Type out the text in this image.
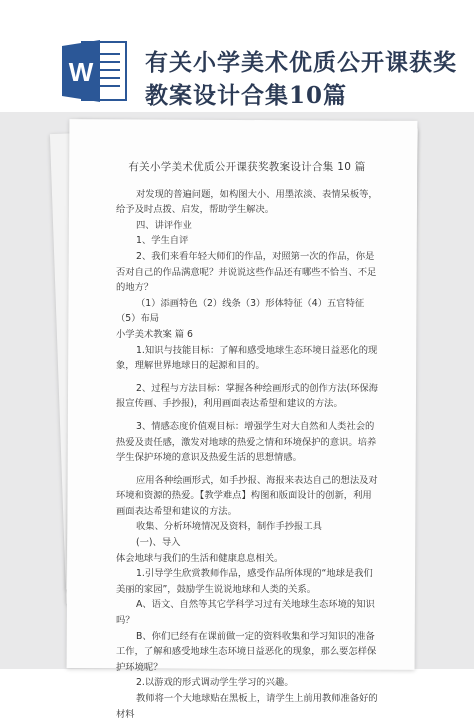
W 有关小学美术优质公开课获奖
教案设计合集10篇
有关小学美术优质公开课获奖教案设计合集 10 篇

对发现的普遍问题，如构图大小、用墨浓淡、表情呆板等，给予及时点拨、启发，帮助学生解决。

四、讲评作业

1、学生自评

2、我们来看年轻大师们的作品，对照第一次的作品，你是否对自己的作品满意呢？并说说这些作品还有哪些不恰当、不足的地方？

（1）添画特色（2）线条（3）形体特征（4）五官特征（5）布局

小学美术教案 篇 6

1.知识与技能目标：了解和感受地球生态环境日益恶化的现象，理解世界地球日的起源和目的。

2、过程与方法目标：掌握各种绘画形式的创作方法(环保海报宣传画、手抄报)，利用画面表达希望和建议的方法。

3、情感态度价值观目标：增强学生对大自然和人类社会的热爱及责任感，激发对地球的热爱之情和环境保护的意识。培养学生保护环境的意识及热爱生活的思想情感。

应用各种绘画形式，如手抄报、海报来表达自己的想法及对环境和资源的热爱。【教学难点】构图和版面设计的创新，利用画面表达希望和建议的方法。

收集、分析环境情况及资料，制作手抄报工具

(一)、导入

体会地球与我们的生活和健康息息相关。

1.引导学生欣赏教师作品，感受作品所体现的“地球是我们美丽的家园”，鼓励学生说说地球和人类的关系。

A、语文、自然等其它学科学习过有关地球生态环境的知识吗？

B、你们已经有在课前做一定的资料收集和学习知识的准备工作，了解和感受地球生态环境日益恶化的现象，那么要怎样保护环境呢？

2.以游戏的形式调动学生学习的兴趣。

教师将一个大地球贴在黑板上，请学生上前用教师准备好的材料
